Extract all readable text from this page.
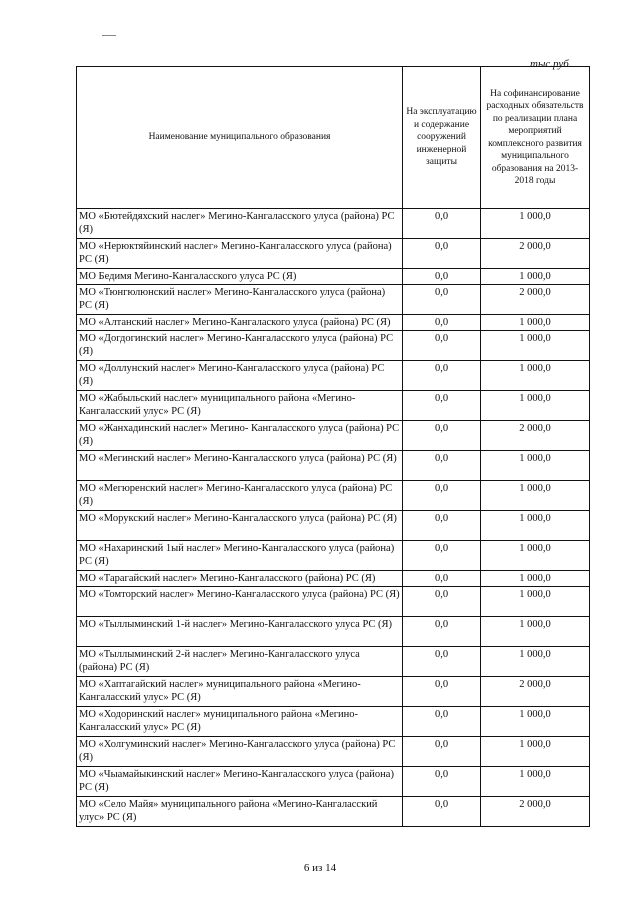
тыс.руб.
Наименование муниципального образования	На эксплуатацию и содержание сооружений инженерной защиты	На софинансирование расходных обязательств по реализации плана мероприятий комплексного развития муниципального образования на 2013-2018 годы
МО «Бютейдяхский наслег» Мегино-Кангаласского улуса (района) РС (Я)	0,0	1 000,0
МО «Нерюктяйинский наслег» Мегино-Кангаласского улуса (района) РС (Я)	0,0	2 000,0
МО Бедимя Мегино-Кангаласского улуса РС (Я)	0,0	1 000,0
МО «Тюнгюлюнский наслег» Мегино-Кангаласского улуса (района) РС (Я)	0,0	2 000,0
МО «Алтанский наслег» Мегино-Кангалаского улуса (района) РС (Я)	0,0	1 000,0
МО «Догдогинский наслег» Мегино-Кангаласского улуса (района) РС (Я)	0,0	1 000,0
МО «Доллунский наслег» Мегино-Кангаласского улуса (района) РС (Я)	0,0	1 000,0
МО «Жабыльский наслег» муниципального района «Мегино-Кангаласский улус» РС (Я)	0,0	1 000,0
МО «Жанхадинский наслег» Мегино- Кангаласского улуса (района) РС (Я)	0,0	2 000,0
МО «Мегинский наслег» Мегино-Кангаласского улуса (района) РС (Я)	0,0	1 000,0
МО «Мегюренский наслег» Мегино-Кангаласского улуса (района) РС (Я)	0,0	1 000,0
МО «Морукский наслег» Мегино-Кангаласского улуса (района) РС (Я)	0,0	1 000,0
МО «Нахаринский 1ый наслег» Мегино-Кангаласского улуса (района) РС (Я)	0,0	1 000,0
МО «Тарагайский наслег» Мегино-Кангаласского (района) РС (Я)	0,0	1 000,0
МО «Томторский наслег» Мегино-Кангаласского улуса (района) РС (Я)	0,0	1 000,0
МО «Тыллыминский 1-й наслег» Мегино-Кангаласского улуса РС (Я)	0,0	1 000,0
МО «Тыллыминский 2-й наслег» Мегино-Кангаласского улуса (района) РС (Я)	0,0	1 000,0
МО «Хаптагайский наслег» муниципального района «Мегино-Кангаласский улус» РС (Я)	0,0	2 000,0
МО «Ходоринский наслег» муниципального района «Мегино-Кангаласский улус» РС (Я)	0,0	1 000,0
МО «Холгуминский наслег» Мегино-Кангаласского улуса (района) РС (Я)	0,0	1 000,0
МО «Чыамайыкинский наслег» Мегино-Кангаласского улуса (района) РС (Я)	0,0	1 000,0
МО «Село Майя» муниципального района «Мегино-Кангаласский улус» РС (Я)	0,0	2 000,0
6 из 14
